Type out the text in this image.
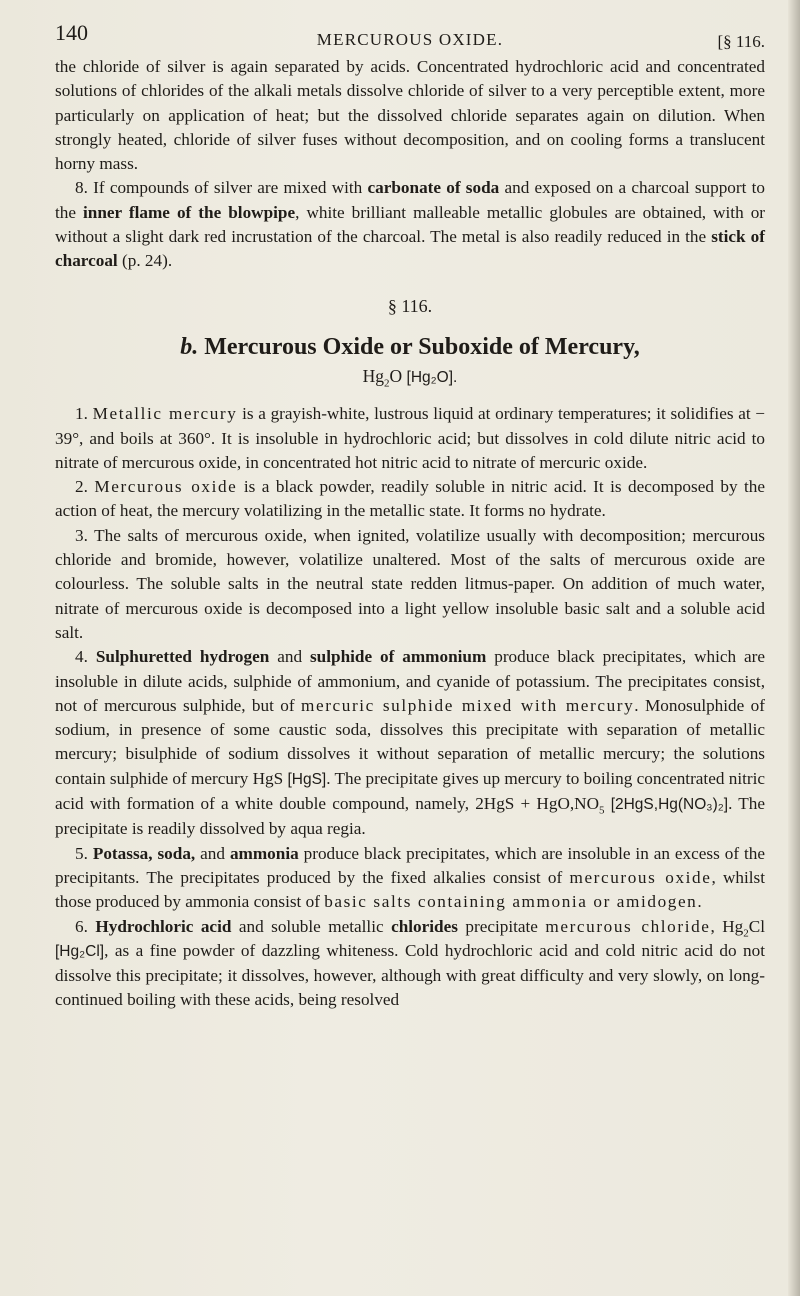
140	MERCUROUS OXIDE.	[§ 116.

the chloride of silver is again separated by acids. Concentrated hydrochloric acid and concentrated solutions of chlorides of the alkali metals dissolve chloride of silver to a very perceptible extent, more particularly on application of heat; but the dissolved chloride separates again on dilution. When strongly heated, chloride of silver fuses without decomposition, and on cooling forms a translucent horny mass.

8. If compounds of silver are mixed with carbonate of soda and exposed on a charcoal support to the inner flame of the blowpipe, white brilliant malleable metallic globules are obtained, with or without a slight dark red incrustation of the charcoal. The metal is also readily reduced in the stick of charcoal (p. 24).

§ 116.
b. Mercurous Oxide or Suboxide of Mercury,
$Hg_2O$ [Hg₂O].

1. Metallic mercury is a grayish-white, lustrous liquid at ordinary temperatures; it solidifies at − 39°, and boils at 360°. It is insoluble in hydrochloric acid; but dissolves in cold dilute nitric acid to nitrate of mercurous oxide, in concentrated hot nitric acid to nitrate of mercuric oxide.

2. Mercurous oxide is a black powder, readily soluble in nitric acid. It is decomposed by the action of heat, the mercury volatilizing in the metallic state. It forms no hydrate.

3. The salts of mercurous oxide, when ignited, volatilize usually with decomposition; mercurous chloride and bromide, however, volatilize unaltered. Most of the salts of mercurous oxide are colourless. The soluble salts in the neutral state redden litmus-paper. On addition of much water, nitrate of mercurous oxide is decomposed into a light yellow insoluble basic salt and a soluble acid salt.

4. Sulphuretted hydrogen and sulphide of ammonium produce black precipitates, which are insoluble in dilute acids, sulphide of ammonium, and cyanide of potassium. The precipitates consist, not of mercurous sulphide, but of mercuric sulphide mixed with mercury. Monosulphide of sodium, in presence of some caustic soda, dissolves this precipitate with separation of metallic mercury; bisulphide of sodium dissolves it without separation of metallic mercury; the solutions contain sulphide of mercury HgS [HgS]. The precipitate gives up mercury to boiling concentrated nitric acid with formation of a white double compound, namely, $2HgS + HgO,NO_5$ [2HgS,Hg(NO₃)₂]. The precipitate is readily dissolved by aqua regia.

5. Potassa, soda, and ammonia produce black precipitates, which are insoluble in an excess of the precipitants. The precipitates produced by the fixed alkalies consist of mercurous oxide, whilst those produced by ammonia consist of basic salts containing ammonia or amidogen.

6. Hydrochloric acid and soluble metallic chlorides precipitate mercurous chloride, $Hg_2Cl$ [Hg₂Cl], as a fine powder of dazzling whiteness. Cold hydrochloric acid and cold nitric acid do not dissolve this precipitate; it dissolves, however, although with great difficulty and very slowly, on long-continued boiling with these acids, being resolved
